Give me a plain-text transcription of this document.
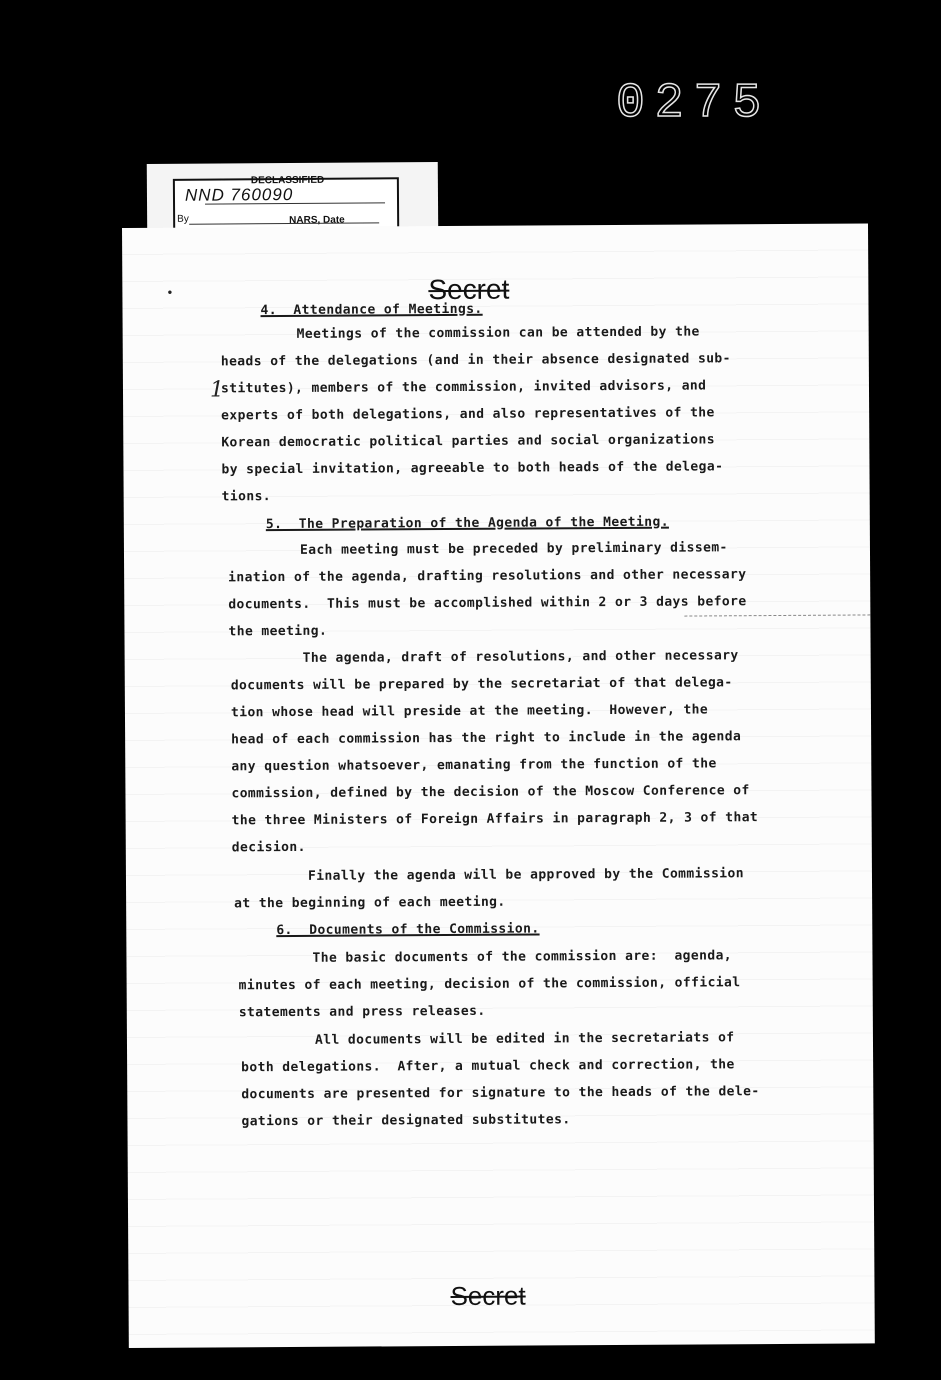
0275
DECLASSIFIED
NND 760090
By	NARS, Date
Secret
1
•
4.  Attendance of Meetings.
Meetings of the commission can be attended by the
heads of the delegations (and in their absence designated sub-
stitutes), members of the commission, invited advisors, and
experts of both delegations, and also representatives of the
Korean democratic political parties and social organizations
by special invitation, agreeable to both heads of the delega-
tions.
5.  The Preparation of the Agenda of the Meeting.
Each meeting must be preceded by preliminary dissem-
ination of the agenda, drafting resolutions and other necessary
documents.  This must be accomplished within 2 or 3 days before
the meeting.
The agenda, draft of resolutions, and other necessary
documents will be prepared by the secretariat of that delega-
tion whose head will preside at the meeting.  However, the
head of each commission has the right to include in the agenda
any question whatsoever, emanating from the function of the
commission, defined by the decision of the Moscow Conference of
the three Ministers of Foreign Affairs in paragraph 2, 3 of that
decision.
Finally the agenda will be approved by the Commission
at the beginning of each meeting.
6.  Documents of the Commission.
The basic documents of the commission are:  agenda,
minutes of each meeting, decision of the commission, official
statements and press releases.
All documents will be edited in the secretariats of
both delegations.  After, a mutual check and correction, the
documents are presented for signature to the heads of the dele-
gations or their designated substitutes.
Secret
